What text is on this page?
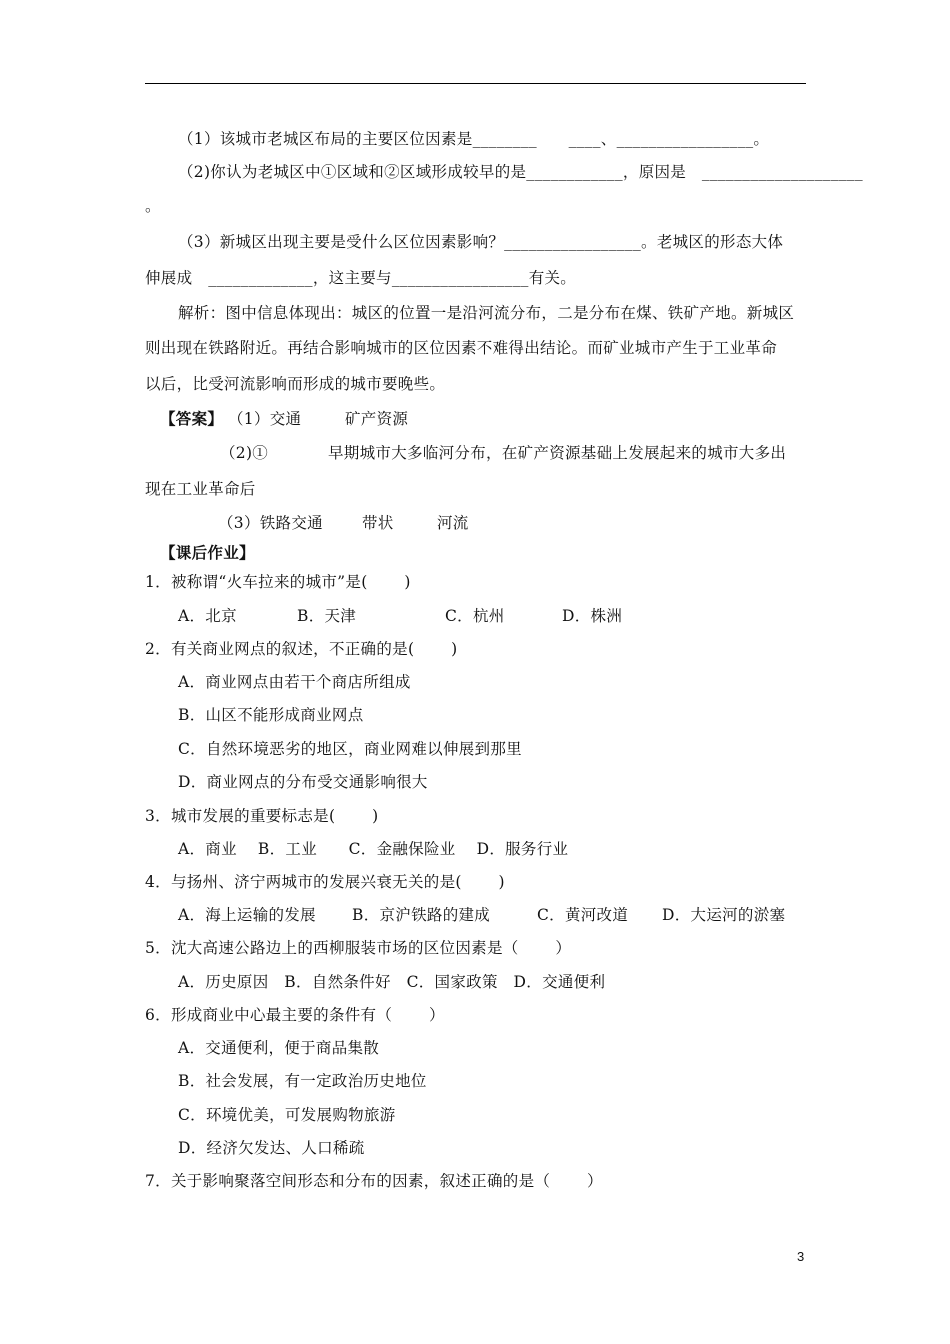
（1）该城市老城区布局的主要区位因素是________　　____、_________________。
（2)你认为老城区中①区域和②区域形成较早的是____________，原因是　____________________
。
（3）新城区出现主要是受什么区位因素影响？_________________。老城区的形态大体
伸展成　_____________，这主要与_________________有关。
解析：图中信息体现出：城区的位置一是沿河流分布，二是分布在煤、铁矿产地。新城区
则出现在铁路附近。再结合影响城市的区位因素不难得出结论。而矿业城市产生于工业革命
以后，比受河流影响而形成的城市要晚些。
【答案】 （1）交通	矿产资源
（2)①	早期城市大多临河分布，在矿产资源基础上发展起来的城市大多出
现在工业革命后
（3）铁路交通	带状	河流
【课后作业】
1．被称谓“火车拉来的城市”是(　　 )
A．北京	B．天津	C．杭州	D．株洲
2．有关商业网点的叙述，不正确的是(　　 )
A．商业网点由若干个商店所组成
B．山区不能形成商业网点
C．自然环境恶劣的地区，商业网难以伸展到那里
D．商业网点的分布受交通影响很大
3．城市发展的重要标志是(　　 )
A．商业　 B．工业　　C．金融保险业　 D．服务行业
4．与扬州、济宁两城市的发展兴衰无关的是(　　 )
A．海上运输的发展 B．京沪铁路的建成	C．黄河改道 D．大运河的淤塞
5．沈大高速公路边上的西柳服装市场的区位因素是（　　 ）
A．历史原因　B．自然条件好　C．国家政策　D．交通便利
6．形成商业中心最主要的条件有（　　 ）
A．交通便利，便于商品集散
B．社会发展，有一定政治历史地位
C．环境优美，可发展购物旅游
D．经济欠发达、人口稀疏
7．关于影响聚落空间形态和分布的因素，叙述正确的是（　　 ）
3
